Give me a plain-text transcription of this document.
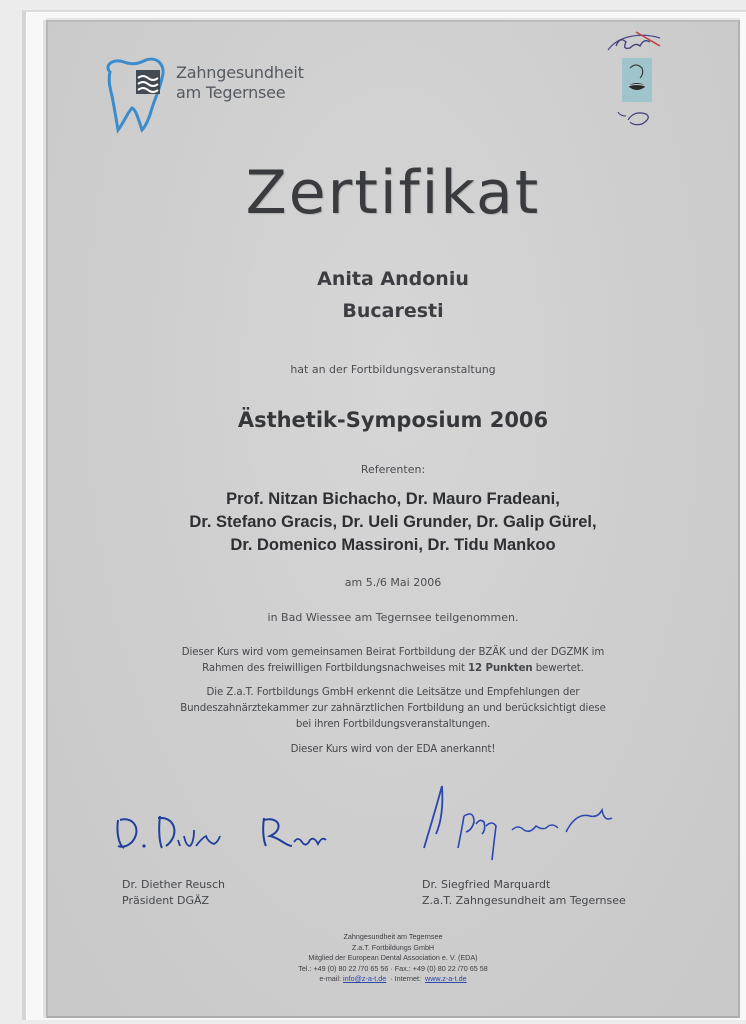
Zahngesundheit
am Tegernsee
Zertifikat
Anita Andoniu
Bucaresti
hat an der Fortbildungsveranstaltung
Ästhetik-Symposium 2006
Referenten:
Prof. Nitzan Bichacho, Dr. Mauro Fradeani,
Dr. Stefano Gracis, Dr. Ueli Grunder, Dr. Galip Gürel,
Dr. Domenico Massironi, Dr. Tidu Mankoo
am 5./6 Mai 2006
in Bad Wiessee am Tegernsee teilgenommen.
Dieser Kurs wird vom gemeinsamen Beirat Fortbildung der BZÄK und der DGZMK im
Rahmen des freiwilligen Fortbildungsnachweises mit 12 Punkten bewertet.
Die Z.a.T. Fortbildungs GmbH erkennt die Leitsätze und Empfehlungen der
Bundeszahnärztekammer zur zahnärztlichen Fortbildung an und berücksichtigt diese
bei ihren Fortbildungsveranstaltungen.
Dieser Kurs wird von der EDA anerkannt!
Dr. Diether Reusch
Präsident DGÄZ
Dr. Siegfried Marquardt
Z.a.T. Zahngesundheit am Tegernsee
Zahngesundheit am Tegernsee
Z.a.T. Fortbildungs GmbH
Mitglied der European Dental Association e. V. (EDA)
Tel.: +49 (0) 80 22 /70 65 56 · Fax.: +49 (0) 80 22 /70 65 58
e-mail: info@z-a-t.de · Internet: www.z-a-t.de
